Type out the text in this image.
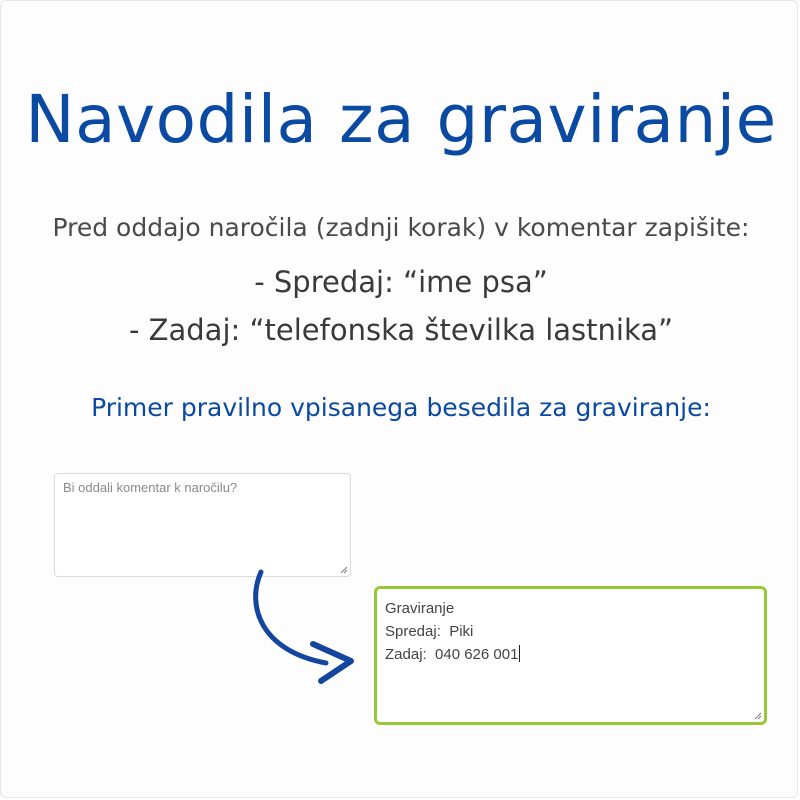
Navodila za graviranje
Pred oddajo naročila (zadnji korak) v komentar zapišite:
- Spredaj: “ime psa”
- Zadaj: “telefonska številka lastnika”
Primer pravilno vpisanega besedila za graviranje:
Bi oddali komentar k naročilu?
Graviranje
Spredaj:  Piki
Zadaj:  040 626 001
